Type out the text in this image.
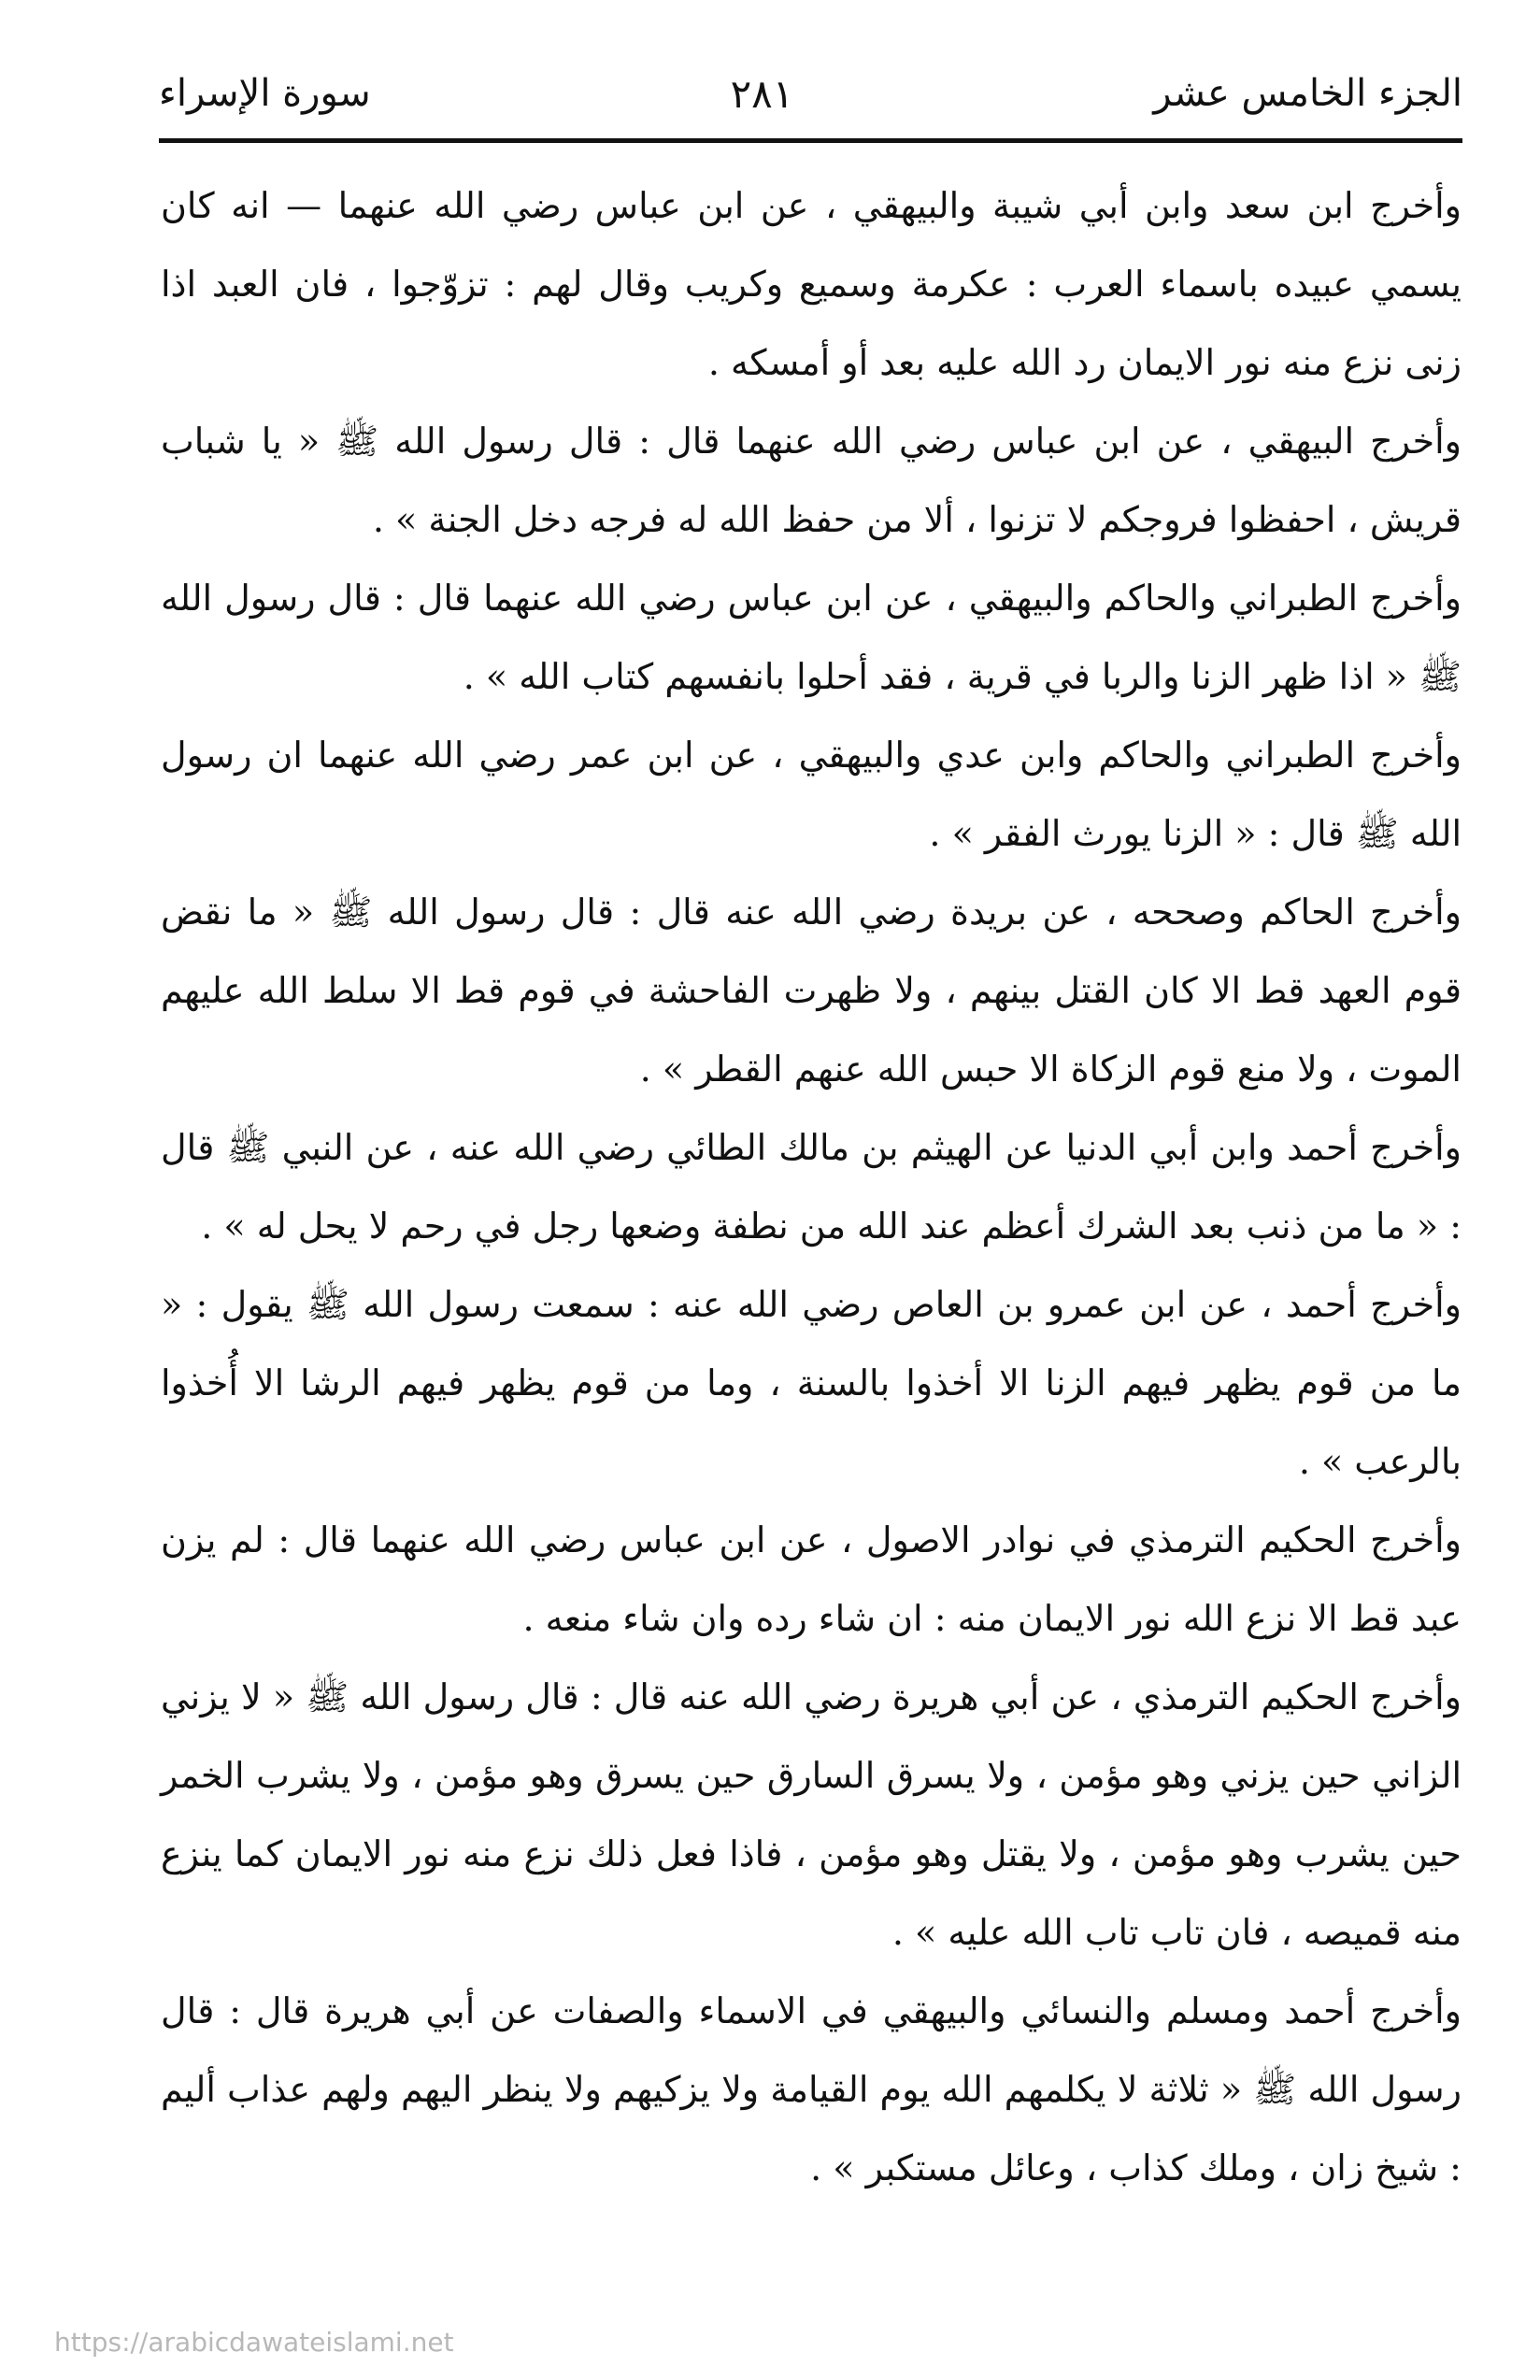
الجزء الخامس عشر
٢٨١
سورة الإسراء

وأخرج ابن سعد وابن أبي شيبة والبيهقي ، عن ابن عباس رضي الله عنهما — انه كان يسمي عبيده باسماء العرب : عكرمة وسميع وكريب وقال لهم : تزوّجوا ، فان العبد اذا زنى نزع منه نور الايمان رد الله عليه بعد أو أمسكه .

وأخرج البيهقي ، عن ابن عباس رضي الله عنهما قال : قال رسول الله ﷺ « يا شباب قريش ، احفظوا فروجكم لا تزنوا ، ألا من حفظ الله له فرجه دخل الجنة » .

وأخرج الطبراني والحاكم والبيهقي ، عن ابن عباس رضي الله عنهما قال : قال رسول الله ﷺ « اذا ظهر الزنا والربا في قرية ، فقد أحلوا بانفسهم كتاب الله » .

وأخرج الطبراني والحاكم وابن عدي والبيهقي ، عن ابن عمر رضي الله عنهما ان رسول الله ﷺ قال : « الزنا يورث الفقر » .

وأخرج الحاكم وصححه ، عن بريدة رضي الله عنه قال : قال رسول الله ﷺ « ما نقض قوم العهد قط الا كان القتل بينهم ، ولا ظهرت الفاحشة في قوم قط الا سلط الله عليهم الموت ، ولا منع قوم الزكاة الا حبس الله عنهم القطر » .

وأخرج أحمد وابن أبي الدنيا عن الهيثم بن مالك الطائي رضي الله عنه ، عن النبي ﷺ قال : « ما من ذنب بعد الشرك أعظم عند الله من نطفة وضعها رجل في رحم لا يحل له » .

وأخرج أحمد ، عن ابن عمرو بن العاص رضي الله عنه : سمعت رسول الله ﷺ يقول : « ما من قوم يظهر فيهم الزنا الا أخذوا بالسنة ، وما من قوم يظهر فيهم الرشا الا أُخذوا بالرعب » .

وأخرج الحكيم الترمذي في نوادر الاصول ، عن ابن عباس رضي الله عنهما قال : لم يزن عبد قط الا نزع الله نور الايمان منه : ان شاء رده وان شاء منعه .

وأخرج الحكيم الترمذي ، عن أبي هريرة رضي الله عنه قال : قال رسول الله ﷺ « لا يزني الزاني حين يزني وهو مؤمن ، ولا يسرق السارق حين يسرق وهو مؤمن ، ولا يشرب الخمر حين يشرب وهو مؤمن ، ولا يقتل وهو مؤمن ، فاذا فعل ذلك نزع منه نور الايمان كما ينزع منه قميصه ، فان تاب تاب الله عليه » .

وأخرج أحمد ومسلم والنسائي والبيهقي في الاسماء والصفات عن أبي هريرة قال : قال رسول الله ﷺ « ثلاثة لا يكلمهم الله يوم القيامة ولا يزكيهم ولا ينظر اليهم ولهم عذاب أليم : شيخ زان ، وملك كذاب ، وعائل مستكبر » .

https://arabicdawateislami.net
